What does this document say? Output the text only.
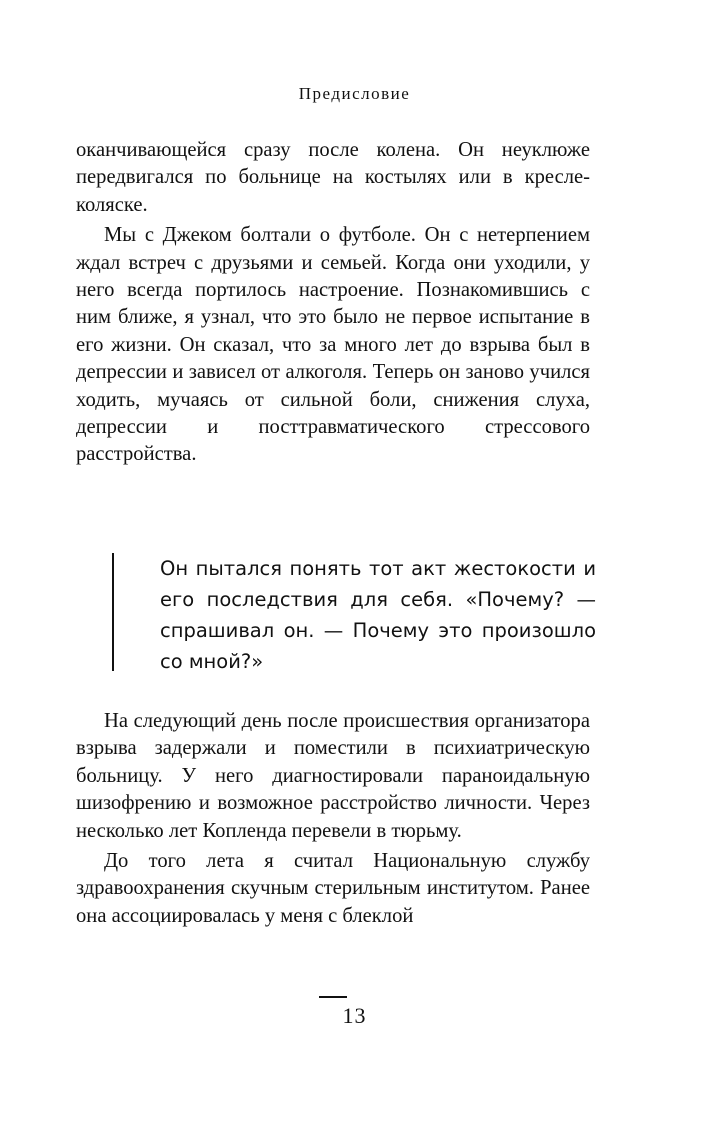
Предисловие

оканчивающейся сразу после колена. Он неуклюже передвигался по больнице на костылях или в кресле-коляске.

Мы с Джеком болтали о футболе. Он с нетерпением ждал встреч с друзьями и семьей. Когда они уходили, у него всегда портилось настроение. Познакомившись с ним ближе, я узнал, что это было не первое испытание в его жизни. Он сказал, что за много лет до взрыва был в депрессии и зависел от алкоголя. Теперь он заново учился ходить, мучаясь от сильной боли, снижения слуха, депрессии и посттравматического стрессового расстройства.

Он пытался понять тот акт жестокости и его последствия для себя. «Почему? — спрашивал он. — Почему это произошло со мной?»

На следующий день после происшествия организатора взрыва задержали и поместили в психиатрическую больницу. У него диагностировали параноидальную шизофрению и возможное расстройство личности. Через несколько лет Копленда перевели в тюрьму.

До того лета я считал Национальную службу здравоохранения скучным стерильным институтом. Ранее она ассоциировалась у меня с блеклой

13
